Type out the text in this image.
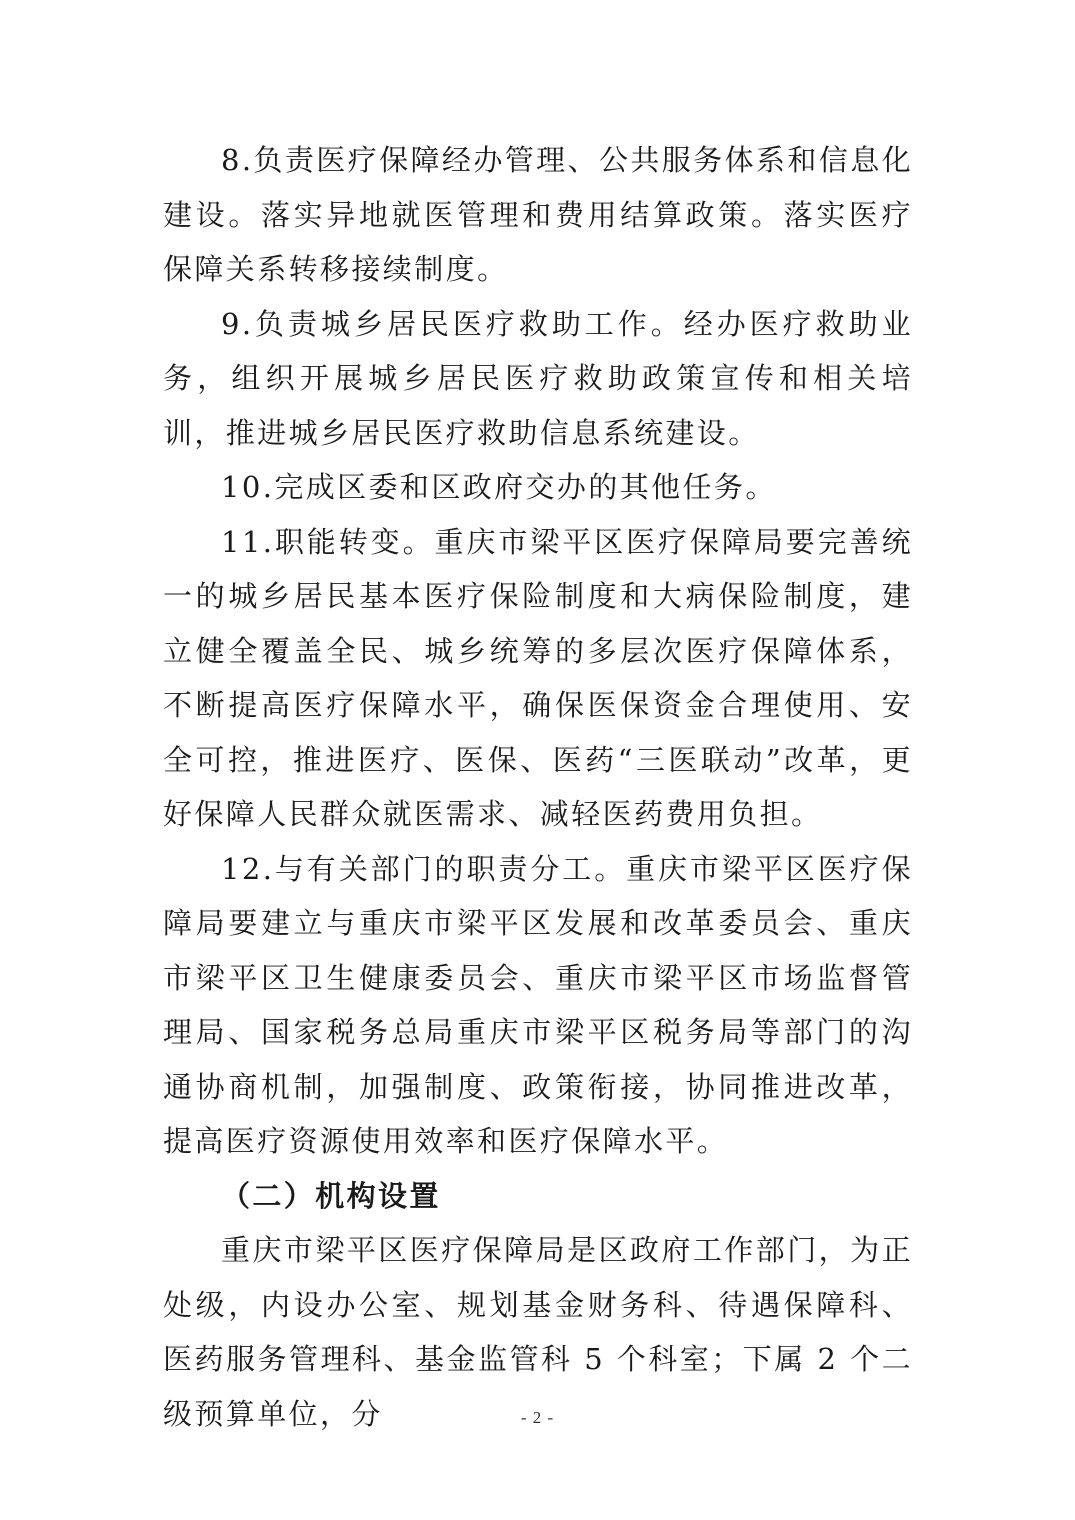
8.负责医疗保障经办管理、公共服务体系和信息化建设。落实异地就医管理和费用结算政策。落实医疗保障关系转移接续制度。

9.负责城乡居民医疗救助工作。经办医疗救助业务，组织开展城乡居民医疗救助政策宣传和相关培训，推进城乡居民医疗救助信息系统建设。

10.完成区委和区政府交办的其他任务。

11.职能转变。重庆市梁平区医疗保障局要完善统一的城乡居民基本医疗保险制度和大病保险制度，建立健全覆盖全民、城乡统筹的多层次医疗保障体系，不断提高医疗保障水平，确保医保资金合理使用、安全可控，推进医疗、医保、医药“三医联动”改革，更好保障人民群众就医需求、减轻医药费用负担。

12.与有关部门的职责分工。重庆市梁平区医疗保障局要建立与重庆市梁平区发展和改革委员会、重庆市梁平区卫生健康委员会、重庆市梁平区市场监督管理局、国家税务总局重庆市梁平区税务局等部门的沟通协商机制，加强制度、政策衔接，协同推进改革，提高医疗资源使用效率和医疗保障水平。

（二）机构设置

重庆市梁平区医疗保障局是区政府工作部门，为正处级，内设办公室、规划基金财务科、待遇保障科、医药服务管理科、基金监管科 5 个科室；下属 2 个二级预算单位，分	- 2 -
